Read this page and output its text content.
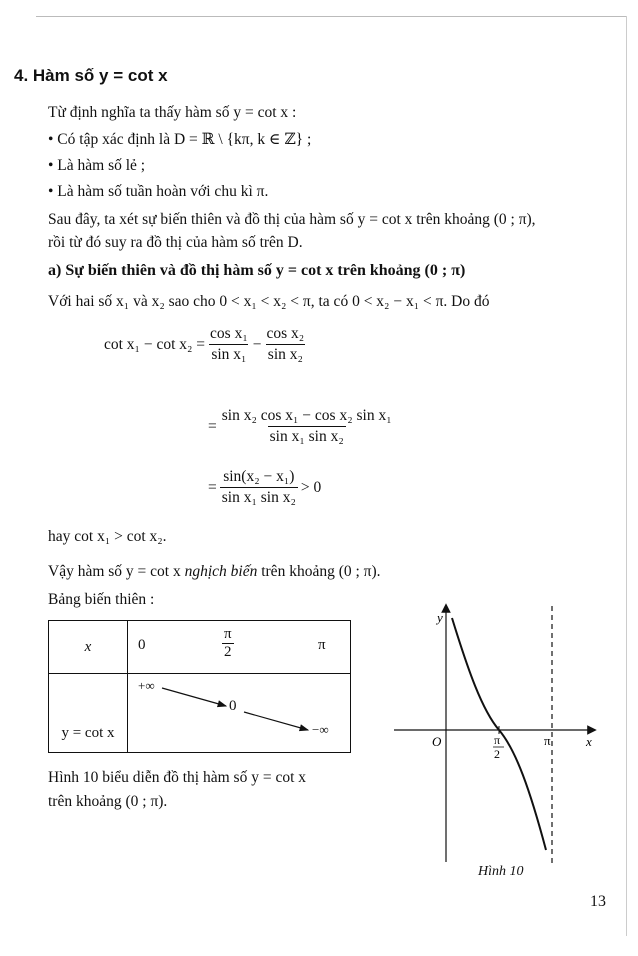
4. Hàm số y = cot x
Từ định nghĩa ta thấy hàm số y = cot x :
• Có tập xác định là D = ℝ \ {kπ, k ∈ ℤ} ;
• Là hàm số lẻ ;
• Là hàm số tuần hoàn với chu kì π.
Sau đây, ta xét sự biến thiên và đồ thị của hàm số y = cot x trên khoảng (0 ; π),
rồi từ đó suy ra đồ thị của hàm số trên D.
a) Sự biến thiên và đồ thị hàm số y = cot x trên khoảng (0 ; π)
Với hai số x₁ và x₂ sao cho 0 < x₁ < x₂ < π, ta có 0 < x₂ − x₁ < π. Do đó
$\cot x_1 - \cot x_2 = \frac{\text{cos x₁}}{\text{sin x₁}} - \frac{\text{cos x₂}}{\text{sin x₂}}$
= $\frac{\text{sin x₂ cos x₁ − cos x₂ sin x₁}}{\text{sin x₁ sin x₂}}$
= $\frac{\text{sin(x₂ − x₁)}}{\text{sin x₁ sin x₂}} > 0$
hay cot x₁ > cot x₂.
Vậy hàm số y = cot x nghịch biến trên khoảng (0 ; π).
Bảng biến thiên :
x	$0 \frac{\pi}{2}$ π

y = cot x	+∞
0
−∞
Hình 10 biểu diễn đồ thị hàm số y = cot x
trên khoảng (0 ; π).
y
x
O	π
2
π
Hình 10
13
